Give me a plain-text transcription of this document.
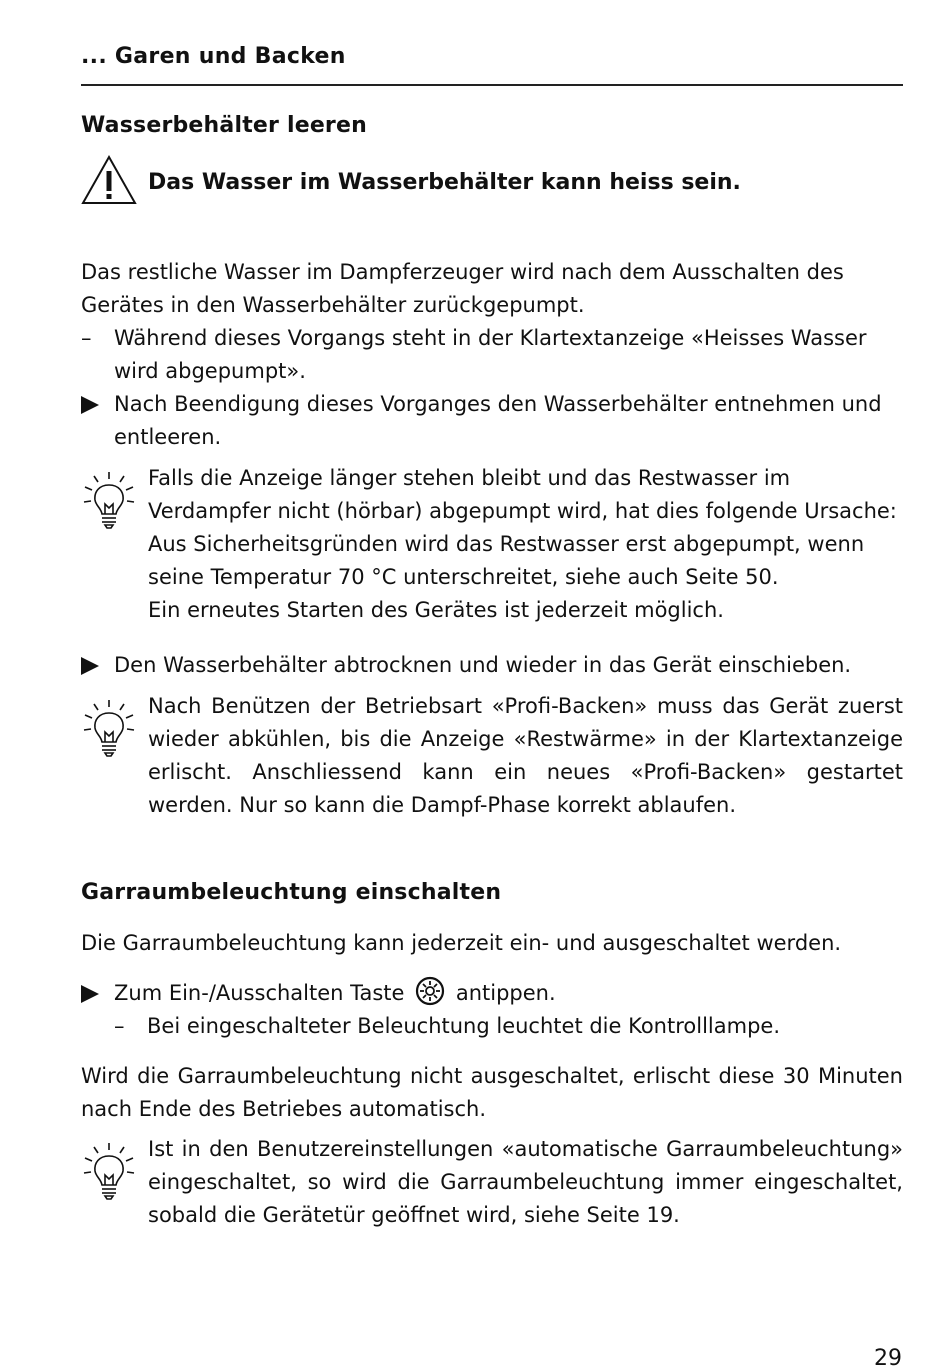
... Garen und Backen
Wasserbehälter leeren
Das Wasser im Wasserbehälter kann heiss sein.
Das restliche Wasser im Dampferzeuger wird nach dem Ausschalten des Gerätes in den Wasserbehälter zurückgepumpt.
–	Während dieses Vorgangs steht in der Klartextanzeige «Heisses Wasser wird abgepumpt».
Nach Beendigung dieses Vorganges den Wasserbehälter entnehmen und entleeren.
Falls die Anzeige länger stehen bleibt und das Restwasser im Verdampfer nicht (hörbar) abgepumpt wird, hat dies folgende Ursache:
Aus Sicherheitsgründen wird das Restwasser erst abgepumpt, wenn seine Temperatur 70 °C unterschreitet, siehe auch Seite 50.
Ein erneutes Starten des Gerätes ist jederzeit möglich.
Den Wasserbehälter abtrocknen und wieder in das Gerät einschieben.
Nach Benützen der Betriebsart «Profi-Backen» muss das Gerät zuerst wieder abkühlen, bis die Anzeige «Restwärme» in der Klartextanzeige erlischt. Anschliessend kann ein neues «Profi-Backen» gestartet werden. Nur so kann die Dampf-Phase korrekt ablaufen.
Garraumbeleuchtung einschalten
Die Garraumbeleuchtung kann jederzeit ein- und ausgeschaltet werden.
Zum Ein-/Ausschalten Taste antippen.
–	Bei eingeschalteter Beleuchtung leuchtet die Kontrolllampe.
Wird die Garraumbeleuchtung nicht ausgeschaltet, erlischt diese 30 Minuten nach Ende des Betriebes automatisch.
Ist in den Benutzereinstellungen «automatische Garraumbeleuchtung» eingeschaltet, so wird die Garraumbeleuchtung immer eingeschaltet, sobald die Gerätetür geöffnet wird, siehe Seite 19.
29
